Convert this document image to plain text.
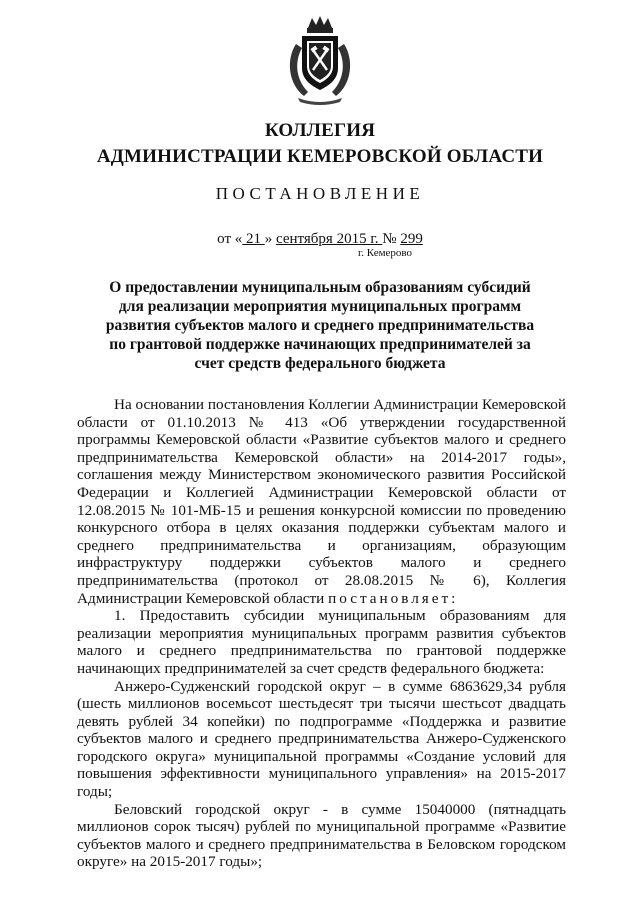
КОЛЛЕГИЯ
АДМИНИСТРАЦИИ КЕМЕРОВСКОЙ ОБЛАСТИ
ПОСТАНОВЛЕНИЕ
от « 21 » сентября 2015 г. № 299
г. Кемерово
О предоставлении муниципальным образованиям субсидий для реализации мероприятия муниципальных программ развития субъектов малого и среднего предпринимательства по грантовой поддержке начинающих предпринимателей за счет средств федерального бюджета

На основании постановления Коллегии Администрации Кемеровской области от 01.10.2013 № 413 «Об утверждении государственной программы Кемеровской области «Развитие субъектов малого и среднего предпринимательства Кемеровской области» на 2014-2017 годы», соглашения между Министерством экономического развития Российской Федерации и Коллегией Администрации Кемеровской области от 12.08.2015 № 101-МБ-15 и решения конкурсной комиссии по проведению конкурсного отбора в целях оказания поддержки субъектам малого и среднего предпринимательства и организациям, образующим инфраструктуру поддержки субъектов малого и среднего предпринимательства (протокол от 28.08.2015 № 6), Коллегия Администрации Кемеровской области постановляет:

1. Предоставить субсидии муниципальным образованиям для реализации мероприятия муниципальных программ развития субъектов малого и среднего предпринимательства по грантовой поддержке начинающих предпринимателей за счет средств федерального бюджета:

Анжеро-Судженский городской округ – в сумме 6863629,34 рубля (шесть миллионов восемьсот шестьдесят три тысячи шестьсот двадцать девять рублей 34 копейки) по подпрограмме «Поддержка и развитие субъектов малого и среднего предпринимательства Анжеро-Судженского городского округа» муниципальной программы «Создание условий для повышения эффективности муниципального управления» на 2015-2017 годы;

Беловский городской округ - в сумме 15040000 (пятнадцать миллионов сорок тысяч) рублей по муниципальной программе «Развитие субъектов малого и среднего предпринимательства в Беловском городском округе» на 2015-2017 годы»;
